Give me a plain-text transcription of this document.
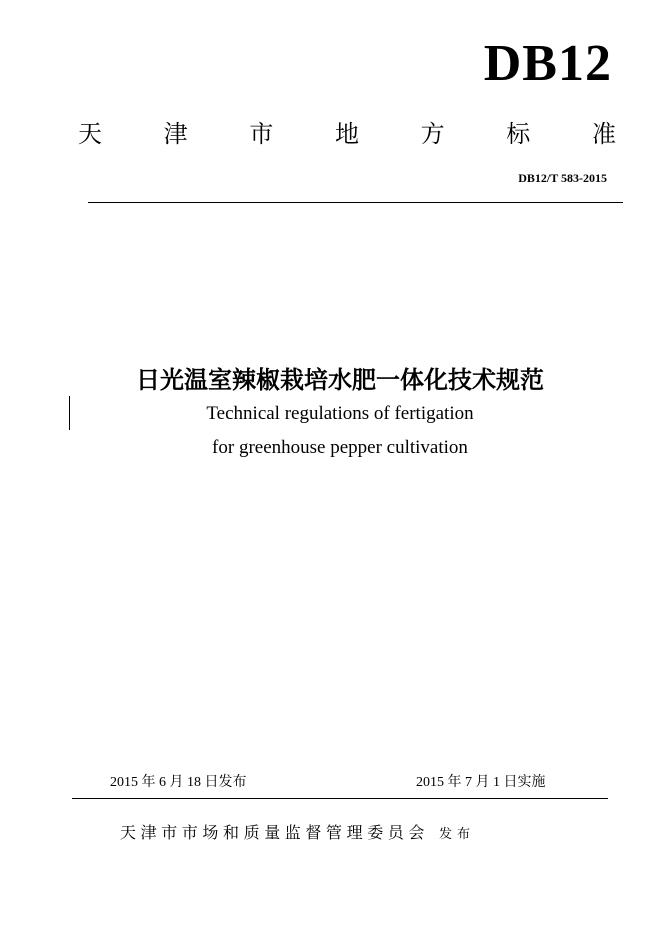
DB12
天	津	市	地	方	标	准
DB12/T 583-2015
日光温室辣椒栽培水肥一体化技术规范
Technical regulations of fertigation
for greenhouse pepper cultivation
2015 年 6 月 18 日发布	2015 年 7 月 1 日实施
天津市市场和质量监督管理委员会 发布
